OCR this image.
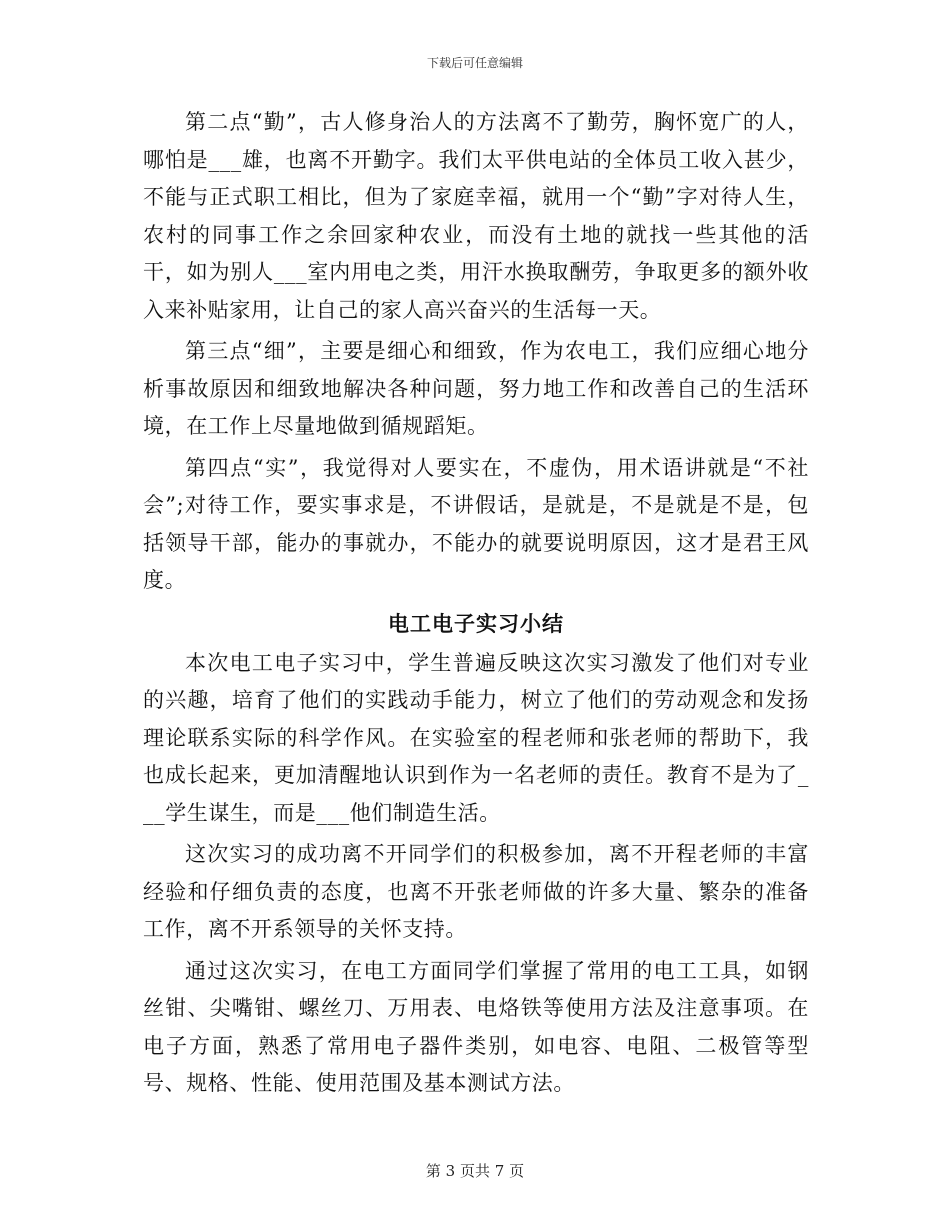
下载后可任意编辑

第二点“勤”，古人修身治人的方法离不了勤劳，胸怀宽广的人，哪怕是___雄，也离不开勤字。我们太平供电站的全体员工收入甚少，不能与正式职工相比，但为了家庭幸福，就用一个“勤”字对待人生，农村的同事工作之余回家种农业，而没有土地的就找一些其他的活干，如为别人___室内用电之类，用汗水换取酬劳，争取更多的额外收入来补贴家用，让自己的家人高兴奋兴的生活每一天。

第三点“细”，主要是细心和细致，作为农电工，我们应细心地分析事故原因和细致地解决各种问题，努力地工作和改善自己的生活环境，在工作上尽量地做到循规蹈矩。

第四点“实”，我觉得对人要实在，不虚伪，用术语讲就是“不社会”;对待工作，要实事求是，不讲假话，是就是，不是就是不是，包括领导干部，能办的事就办，不能办的就要说明原因，这才是君王风度。

电工电子实习小结

本次电工电子实习中，学生普遍反映这次实习激发了他们对专业的兴趣，培育了他们的实践动手能力，树立了他们的劳动观念和发扬理论联系实际的科学作风。在实验室的程老师和张老师的帮助下，我也成长起来，更加清醒地认识到作为一名老师的责任。教育不是为了___学生谋生，而是___他们制造生活。

这次实习的成功离不开同学们的积极参加，离不开程老师的丰富经验和仔细负责的态度，也离不开张老师做的许多大量、繁杂的准备工作，离不开系领导的关怀支持。

通过这次实习，在电工方面同学们掌握了常用的电工工具，如钢丝钳、尖嘴钳、螺丝刀、万用表、电烙铁等使用方法及注意事项。在电子方面，熟悉了常用电子器件类别，如电容、电阻、二极管等型号、规格、性能、使用范围及基本测试方法。

第 3 页共 7 页
